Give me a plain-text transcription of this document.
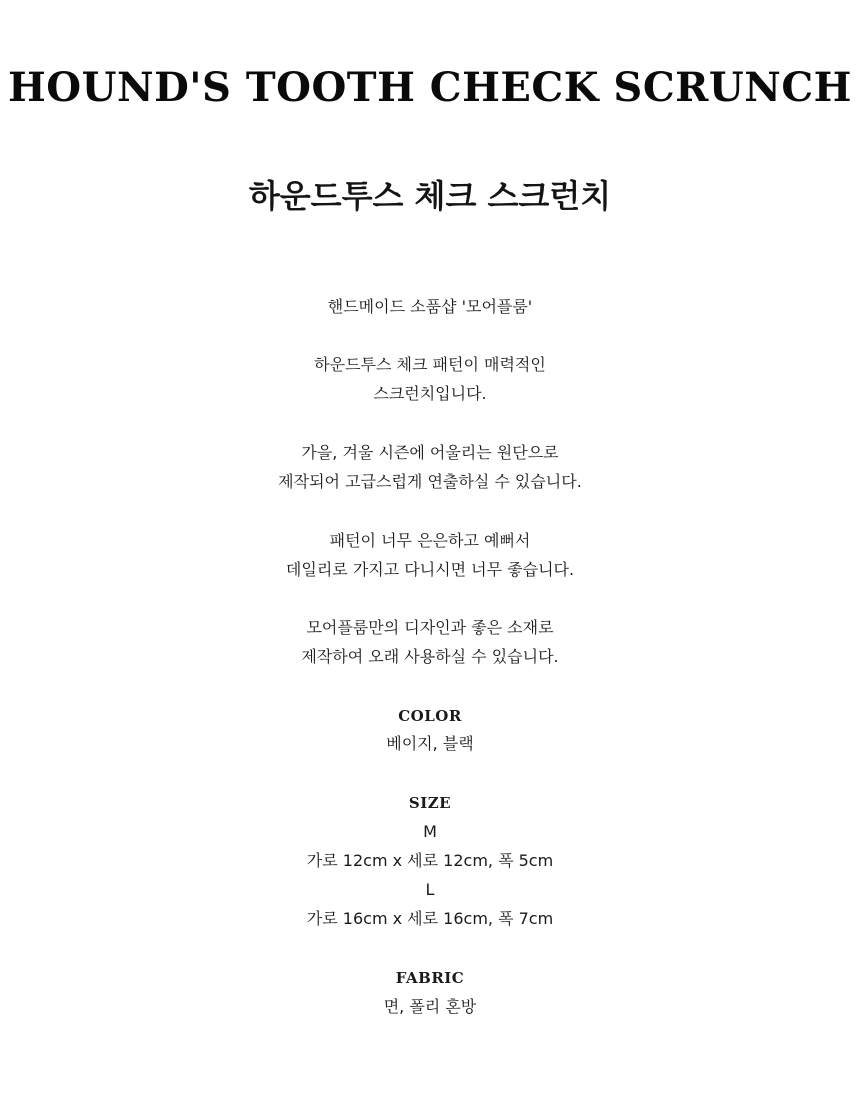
HOUND'S TOOTH CHECK SCRUNCH
하운드투스 체크 스크런치
핸드메이드 소품샵 '모어플룸'
하운드투스 체크 패턴이 매력적인
스크런치입니다.
가을, 겨울 시즌에 어울리는 원단으로
제작되어 고급스럽게 연출하실 수 있습니다.
패턴이 너무 은은하고 예뻐서
데일리로 가지고 다니시면 너무 좋습니다.
모어플룸만의 디자인과 좋은 소재로
제작하여 오래 사용하실 수 있습니다.
COLOR
베이지, 블랙
SIZE
M
가로 12cm x 세로 12cm, 폭 5cm
L
가로 16cm x 세로 16cm, 폭 7cm
FABRIC
면, 폴리 혼방
